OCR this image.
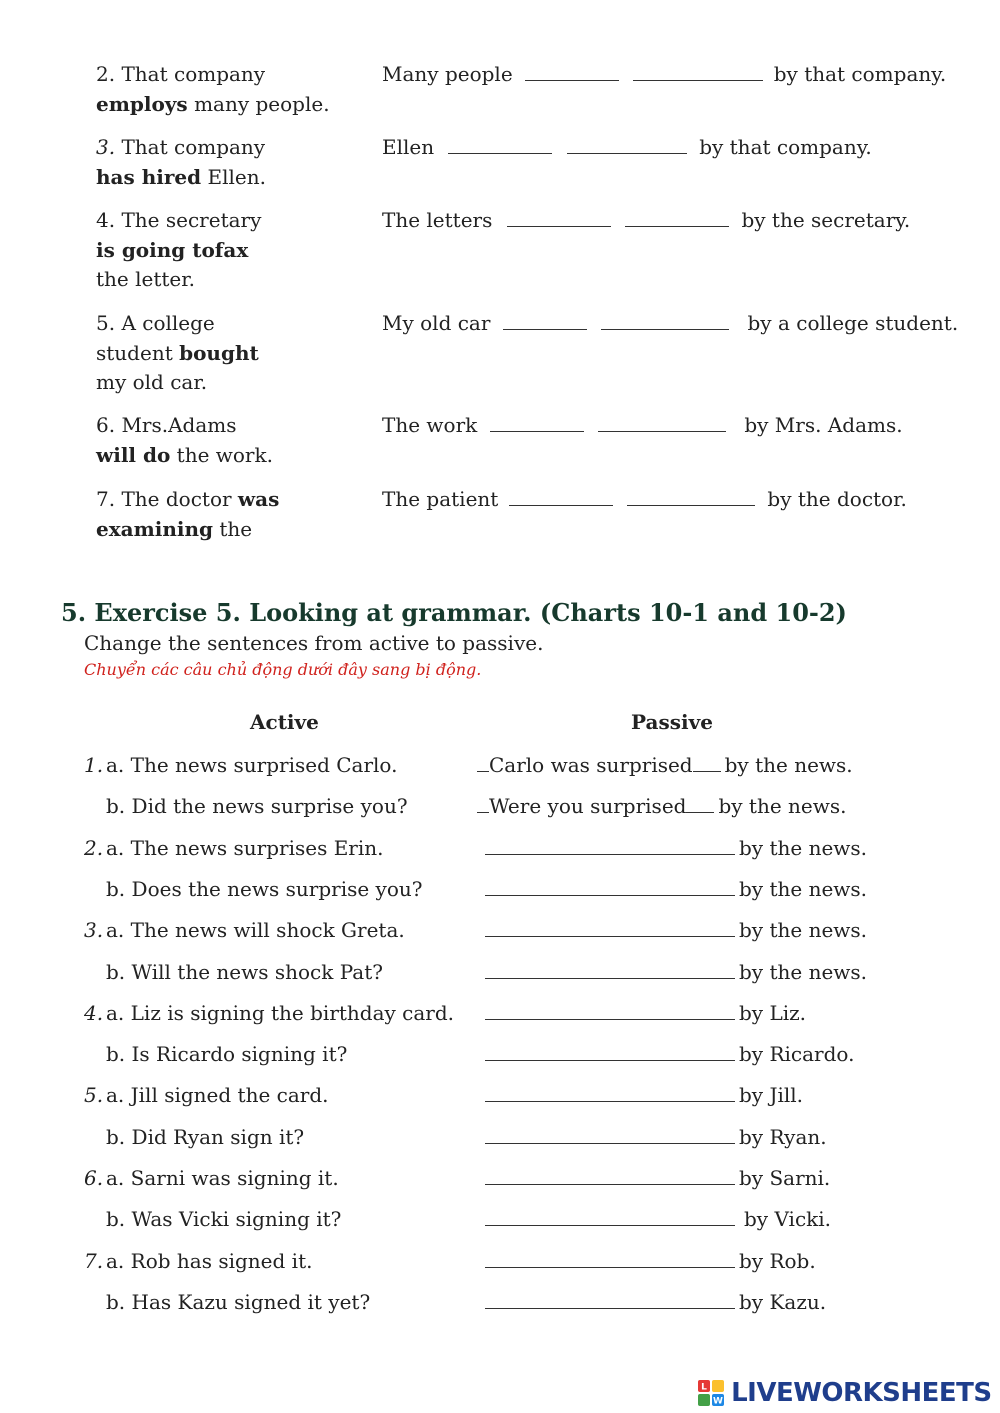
2. That company
employs many people.
Many people	by that company.
3. That company
has hired Ellen.
Ellen	by that company.
4. The secretary
is going tofax
the letter.
The letters	by the secretary.
5. A college
student bought
my old car.
My old car	by a college student.
6. Mrs.Adams
will do the work.
The work	by Mrs. Adams.
7. The doctor was
examining the
The patient	by the doctor.
5. Exercise 5. Looking at grammar. (Charts 10-1 and 10-2)
Change the sentences from active to passive.
Chuyển các câu chủ động dưới đây sang bị động.
Active	Passive
1. a. The news surprised Carlo.	Carlo was surprised by the news.
b. Did the news surprise you?	Were you surprised by the news.
2. a. The news surprises Erin.	by the news.
b. Does the news surprise you?	by the news.
3. a. The news will shock Greta.	by the news.
b. Will the news shock Pat?	by the news.
4. a. Liz is signing the birthday card.	by Liz.
b. Is Ricardo signing it?	by Ricardo.
5. a. Jill signed the card.	by Jill.
b. Did Ryan sign it?	by Ryan.
6. a. Sarni was signing it.	by Sarni.
b. Was Vicki signing it?	by Vicki.
7. a. Rob has signed it.	by Rob.
b. Has Kazu signed it yet?	by Kazu.
L
W LIVEWORKSHEETS
